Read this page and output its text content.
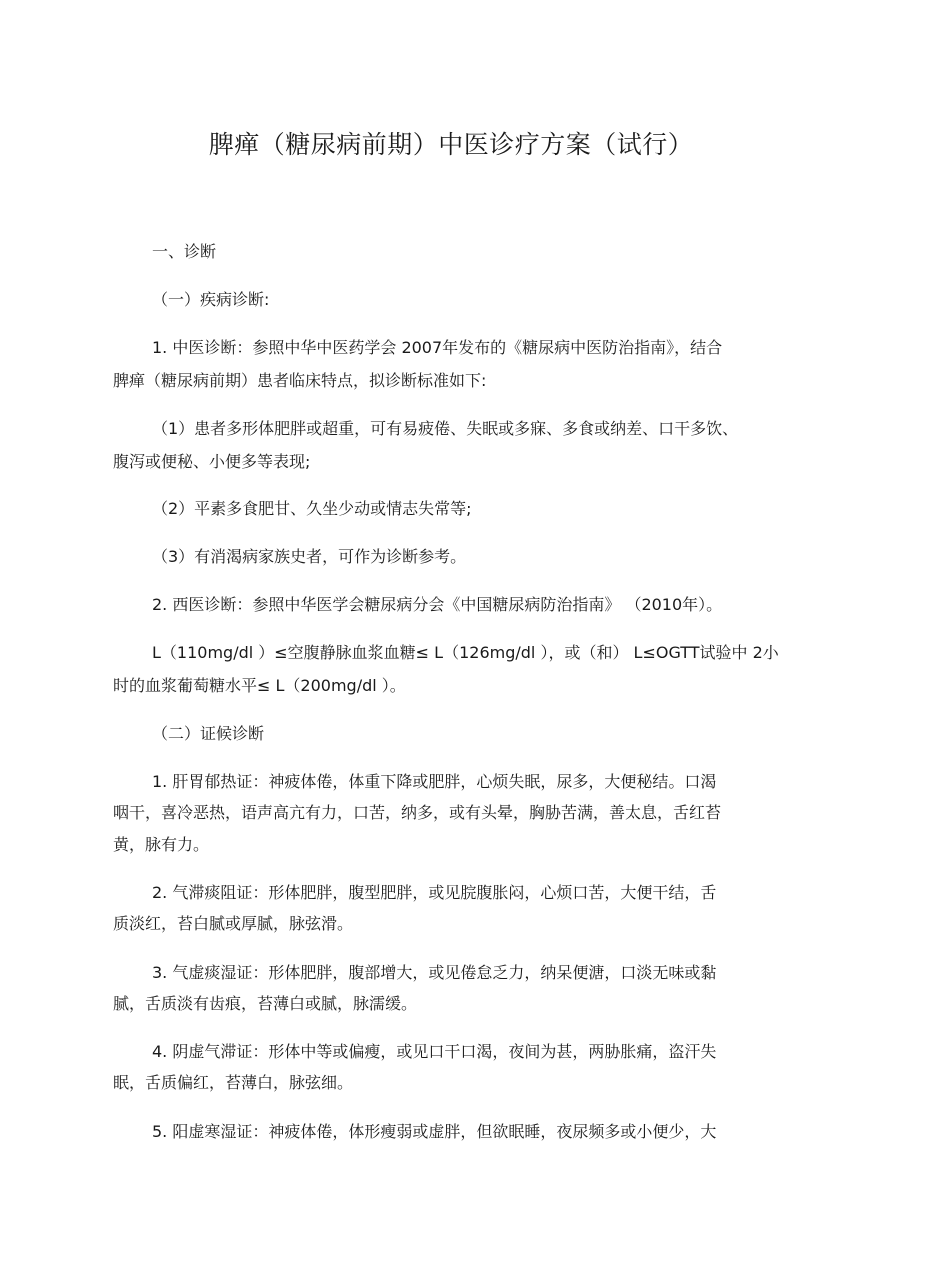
脾瘅（糖尿病前期）中医诊疗方案（试行）

一、诊断

（一）疾病诊断:

1. 中医诊断：参照中华中医药学会 2007年发布的《糖尿病中医防治指南》，结合

脾瘅（糖尿病前期）患者临床特点，拟诊断标准如下:

（1）患者多形体肥胖或超重，可有易疲倦、失眠或多寐、多食或纳差、口干多饮、

腹泻或便秘、小便多等表现;

（2）平素多食肥甘、久坐少动或情志失常等;

（3）有消渴病家族史者，可作为诊断参考。

2. 西医诊断：参照中华医学会糖尿病分会《中国糖尿病防治指南》 （2010年）。

L（110mg/dl ）≤空腹静脉血浆血糖≤ L（126mg/dl ），或（和） L≤OGTT试验中 2小

时的血浆葡萄糖水平≤ L（200mg/dl ）。

（二）证候诊断

1. 肝胃郁热证：神疲体倦，体重下降或肥胖，心烦失眠，尿多，大便秘结。口渴

咽干，喜冷恶热，语声高亢有力，口苦，纳多，或有头晕，胸胁苦满，善太息，舌红苔

黄，脉有力。

2. 气滞痰阻证：形体肥胖，腹型肥胖，或见脘腹胀闷，心烦口苦，大便干结，舌

质淡红，苔白腻或厚腻，脉弦滑。

3. 气虚痰湿证：形体肥胖，腹部增大，或见倦怠乏力，纳呆便溏，口淡无味或黏

腻，舌质淡有齿痕，苔薄白或腻，脉濡缓。

4. 阴虚气滞证：形体中等或偏瘦，或见口干口渴，夜间为甚，两胁胀痛，盗汗失

眠，舌质偏红，苔薄白，脉弦细。

5. 阳虚寒湿证：神疲体倦，体形瘦弱或虚胖，但欲眠睡，夜尿频多或小便少，大
